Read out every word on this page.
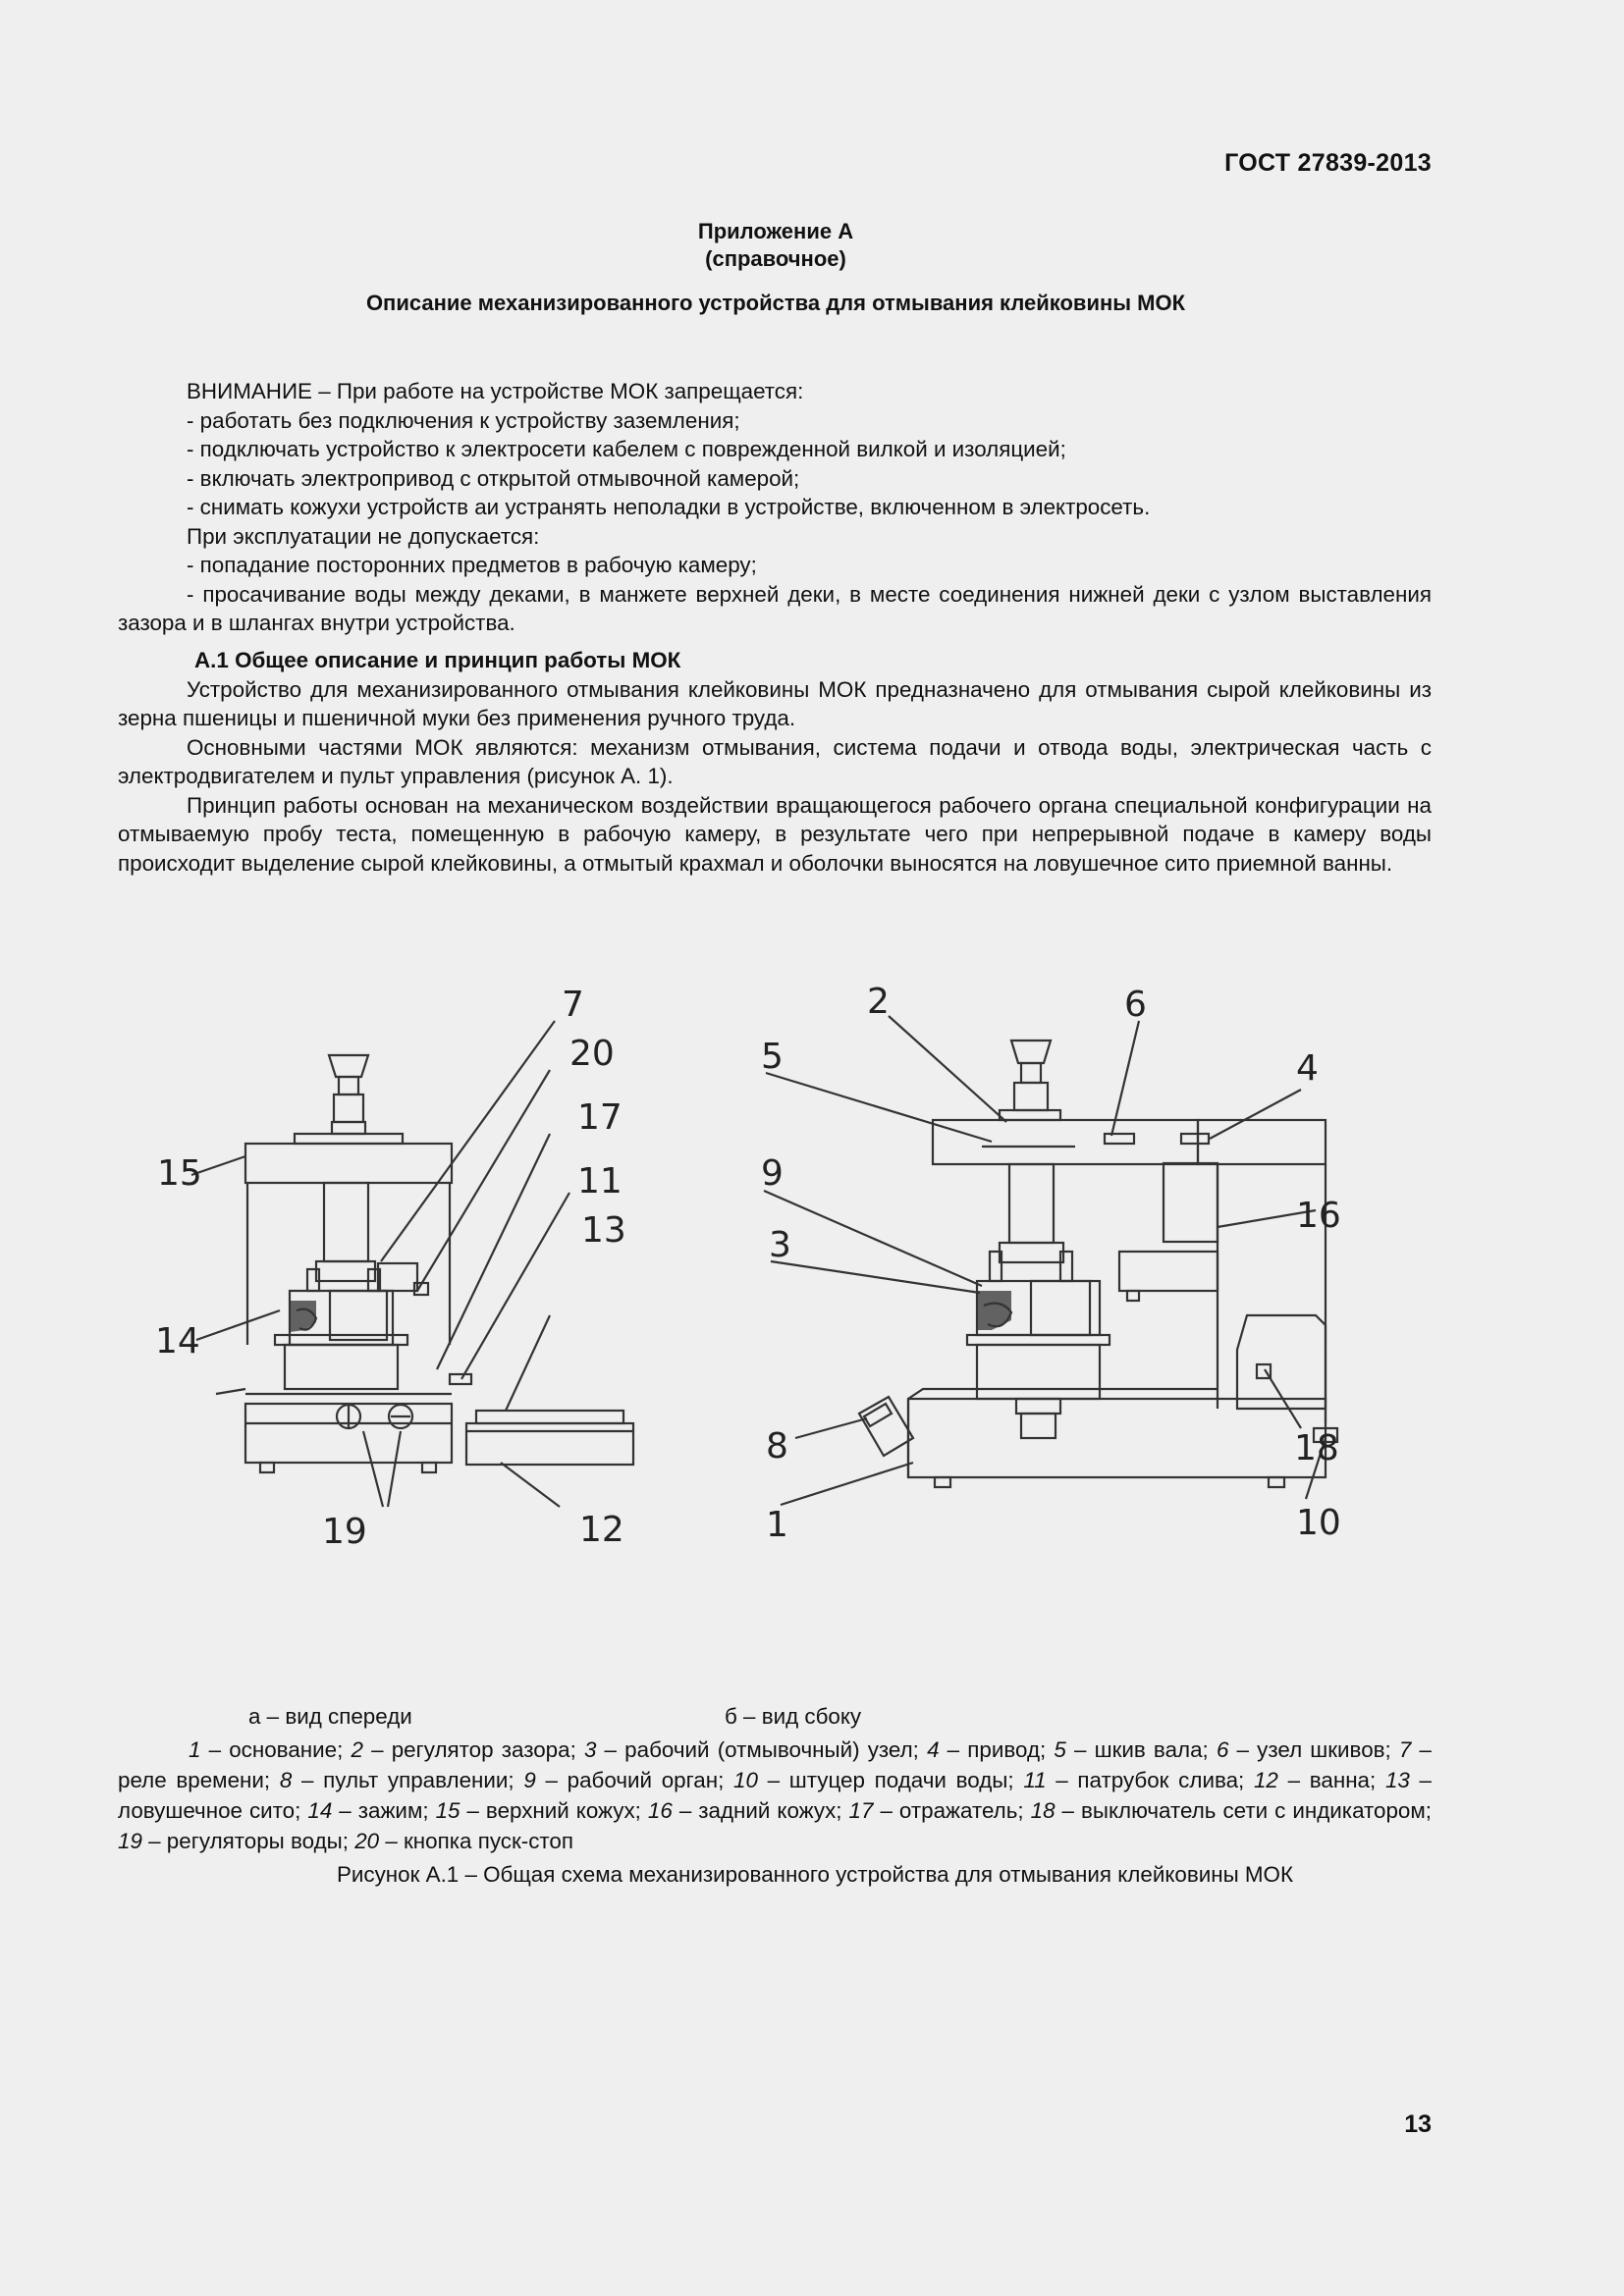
ГОСТ 27839-2013
Приложение А
(справочное)
Описание механизированного устройства для отмывания клейковины МОК

ВНИМАНИЕ – При работе на устройстве МОК запрещается:

- работать без подключения к устройству заземления;

- подключать устройство к электросети кабелем с поврежденной вилкой и изоляцией;

- включать электропривод с открытой отмывочной камерой;

- снимать кожухи устройств аи устранять неполадки в устройстве, включенном в электросеть.

При эксплуатации не допускается:

- попадание посторонних предметов в рабочую камеру;

- просачивание воды между деками, в манжете верхней деки, в месте соединения нижней деки с узлом выставления зазора и в шлангах внутри устройства.

А.1 Общее описание и принцип работы МОК

Устройство для механизированного отмывания клейковины МОК предназначено для отмывания сырой клейковины из зерна пшеницы и пшеничной муки без применения ручного труда.

Основными частями МОК являются: механизм отмывания, система подачи и отвода воды, электрическая часть с электродвигателем и пульт управления (рисунок А. 1).

Принцип работы основан на механическом воздействии вращающегося рабочего органа специальной конфигурации на отмываемую пробу теста, помещенную в рабочую камеру, в результате чего при непрерывной подаче в камеру воды происходит выделение сырой клейковины, а отмытый крахмал и оболочки выносятся на ловушечное сито приемной ванны.

15
14
7
20
17
11
13
19	12
2	6
5	4
9
16
3
18
8
10
1
а – вид спереди	б – вид сбоку

1 – основание; 2 – регулятор зазора; 3 – рабочий (отмывочный) узел; 4 – привод; 5 – шкив вала; 6 – узел шкивов; 7 –реле времени; 8 – пульт управлении; 9 – рабочий орган; 10 – штуцер подачи воды; 11 – патрубок слива; 12 – ванна; 13 – ловушечное сито; 14 – зажим; 15 – верхний кожух; 16 – задний кожух; 17 – отражатель; 18 – выключатель сети с индикатором; 19 – регуляторы воды; 20 – кнопка пуск-стоп

Рисунок А.1 – Общая схема механизированного устройства для отмывания клейковины МОК
13
